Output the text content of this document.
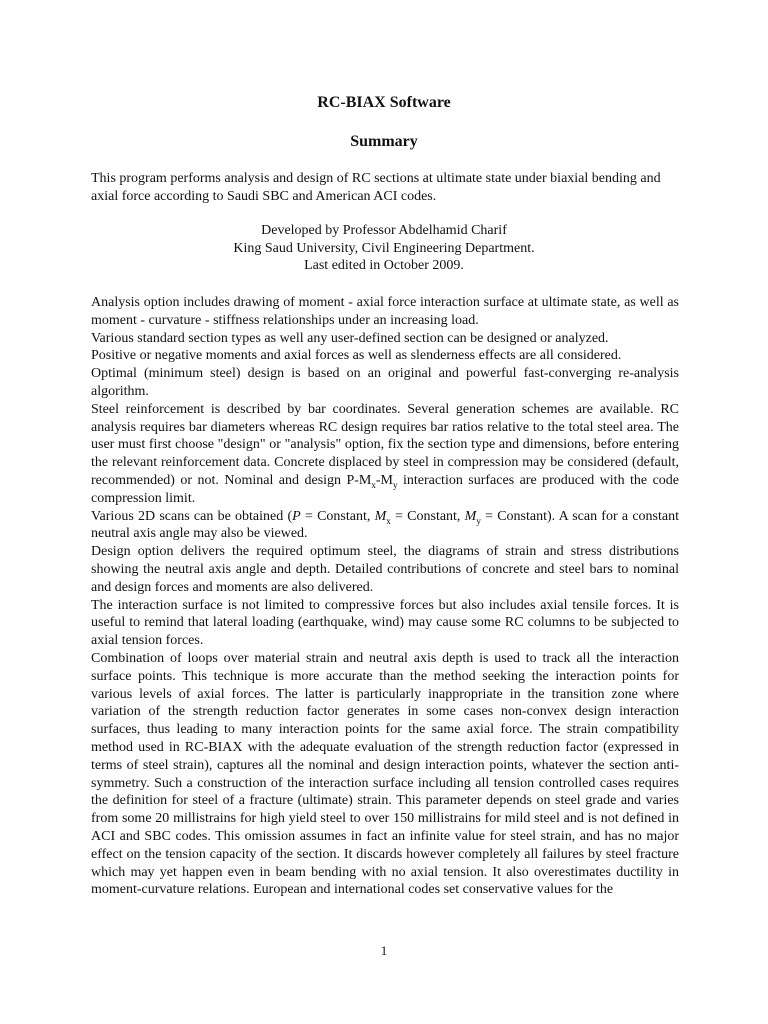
RC-BIAX Software
Summary

This program performs analysis and design of RC sections at ultimate state under biaxial bending and axial force according to Saudi SBC and American ACI codes.

Developed by Professor Abdelhamid Charif
King Saud University, Civil Engineering Department.
Last edited in October 2009.

Analysis option includes drawing of moment - axial force interaction surface at ultimate state, as well as moment - curvature - stiffness relationships under an increasing load.

Various standard section types as well any user-defined section can be designed or analyzed.

Positive or negative moments and axial forces as well as slenderness effects are all considered.

Optimal (minimum steel) design is based on an original and powerful fast-converging re-analysis algorithm.

Steel reinforcement is described by bar coordinates. Several generation schemes are available. RC analysis requires bar diameters whereas RC design requires bar ratios relative to the total steel area. The user must first choose "design" or "analysis" option, fix the section type and dimensions, before entering the relevant reinforcement data. Concrete displaced by steel in compression may be considered (default, recommended) or not. Nominal and design $P-M_x-M_y$ interaction surfaces are produced with the code compression limit.

Various 2D scans can be obtained (P = Constant, $M_x$ = Constant, $M_y$ = Constant). A scan for a constant neutral axis angle may also be viewed.

Design option delivers the required optimum steel, the diagrams of strain and stress distributions showing the neutral axis angle and depth. Detailed contributions of concrete and steel bars to nominal and design forces and moments are also delivered.

The interaction surface is not limited to compressive forces but also includes axial tensile forces. It is useful to remind that lateral loading (earthquake, wind) may cause some RC columns to be subjected to axial tension forces.

Combination of loops over material strain and neutral axis depth is used to track all the interaction surface points. This technique is more accurate than the method seeking the interaction points for various levels of axial forces. The latter is particularly inappropriate in the transition zone where variation of the strength reduction factor generates in some cases non-convex design interaction surfaces, thus leading to many interaction points for the same axial force. The strain compatibility method used in RC-BIAX with the adequate evaluation of the strength reduction factor (expressed in terms of steel strain), captures all the nominal and design interaction points, whatever the section anti-symmetry. Such a construction of the interaction surface including all tension controlled cases requires the definition for steel of a fracture (ultimate) strain. This parameter depends on steel grade and varies from some 20 millistrains for high yield steel to over 150 millistrains for mild steel and is not defined in ACI and SBC codes. This omission assumes in fact an infinite value for steel strain, and has no major effect on the tension capacity of the section. It discards however completely all failures by steel fracture which may yet happen even in beam bending with no axial tension. It also overestimates ductility in moment-curvature relations. European and international codes set conservative values for the

1
